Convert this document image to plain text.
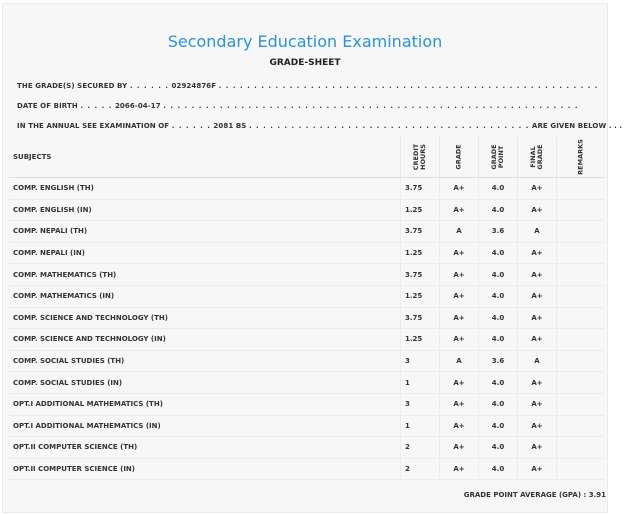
Secondary Education Examination
GRADE-SHEET
THE GRADE(S) SECURED BY . . . . . . 02924876F . . . . . . . . . . . . . . . . . . . . . . . . . . . . . . . . . . . . . . . . . . . . . . . . . . . . . .
DATE OF BIRTH . . . . . 2066-04-17 . . . . . . . . . . . . . . . . . . . . . . . . . . . . . . . . . . . . . . . . . . . . . . . . . . . . . . . . . . .
IN THE ANNUAL SEE EXAMINATION OF . . . . . . 2081 BS . . . . . . . . . . . . . . . . . . . . . . . . . . . . . . . . . . . . . . . . ARE GIVEN BELOW . . .
SUBJECTS	CREDIT HOURS	GRADE	GRADE POINT	FINAL GRADE	REMARKS

COMP. ENGLISH (TH)	3.75	A+	4.0	A+	
COMP. ENGLISH (IN)	1.25	A+	4.0	A+	
COMP. NEPALI (TH)	3.75	A	3.6	A	
COMP. NEPALI (IN)	1.25	A+	4.0	A+	
COMP. MATHEMATICS (TH)	3.75	A+	4.0	A+	
COMP. MATHEMATICS (IN)	1.25	A+	4.0	A+	
COMP. SCIENCE AND TECHNOLOGY (TH)	3.75	A+	4.0	A+	
COMP. SCIENCE AND TECHNOLOGY (IN)	1.25	A+	4.0	A+	
COMP. SOCIAL STUDIES (TH)	3	A	3.6	A	
COMP. SOCIAL STUDIES (IN)	1	A+	4.0	A+	
OPT.I ADDITIONAL MATHEMATICS (TH)	3	A+	4.0	A+	
OPT.I ADDITIONAL MATHEMATICS (IN)	1	A+	4.0	A+	
OPT.II COMPUTER SCIENCE (TH)	2	A+	4.0	A+	
OPT.II COMPUTER SCIENCE (IN)	2	A+	4.0	A+	
GRADE POINT AVERAGE (GPA) : 3.91
